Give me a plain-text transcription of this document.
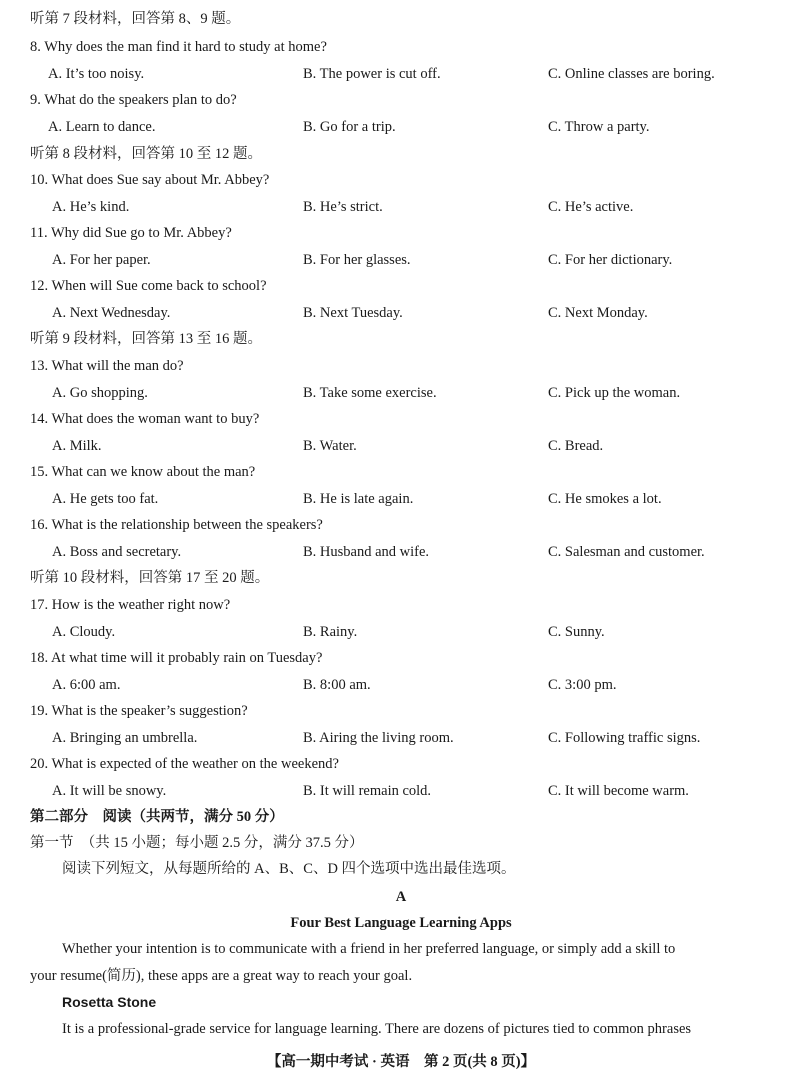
听第 7 段材料，回答第 8、9 题。
8. Why does the man find it hard to study at home?
A. It’s too noisy.	B. The power is cut off.	C. Online classes are boring.
9. What do the speakers plan to do?
A. Learn to dance.	B. Go for a trip.	C. Throw a party.
听第 8 段材料，回答第 10 至 12 题。
10. What does Sue say about Mr. Abbey?
A. He’s kind.	B. He’s strict.	C. He’s active.
11. Why did Sue go to Mr. Abbey?
A. For her paper.	B. For her glasses.	C. For her dictionary.
12. When will Sue come back to school?
A. Next Wednesday.	B. Next Tuesday.	C. Next Monday.
听第 9 段材料，回答第 13 至 16 题。
13. What will the man do?
A. Go shopping.	B. Take some exercise.	C. Pick up the woman.
14. What does the woman want to buy?
A. Milk.	B. Water.	C. Bread.
15. What can we know about the man?
A. He gets too fat.	B. He is late again.	C. He smokes a lot.
16. What is the relationship between the speakers?
A. Boss and secretary.	B. Husband and wife.	C. Salesman and customer.
听第 10 段材料，回答第 17 至 20 题。
17. How is the weather right now?
A. Cloudy.	B. Rainy.	C. Sunny.
18. At what time will it probably rain on Tuesday?
A. 6:00 am.	B. 8:00 am.	C. 3:00 pm.
19. What is the speaker’s suggestion?
A. Bringing an umbrella.	B. Airing the living room.	C. Following traffic signs.
20. What is expected of the weather on the weekend?
A. It will be snowy.	B. It will remain cold.	C. It will become warm.
第二部分　阅读（共两节，满分 50 分）
第一节　（共 15 小题；每小题 2.5 分，满分 37.5 分）
阅读下列短文，从每题所给的 A、B、C、D 四个选项中选出最佳选项。
A
Four Best Language Learning Apps
Whether your intention is to communicate with a friend in her preferred language, or simply add a skill to
your resume(简历), these apps are a great way to reach your goal.
Rosetta Stone
It is a professional-grade service for language learning. There are dozens of pictures tied to common phrases
【高一期中考试 · 英语　第 2 页(共 8 页)】
